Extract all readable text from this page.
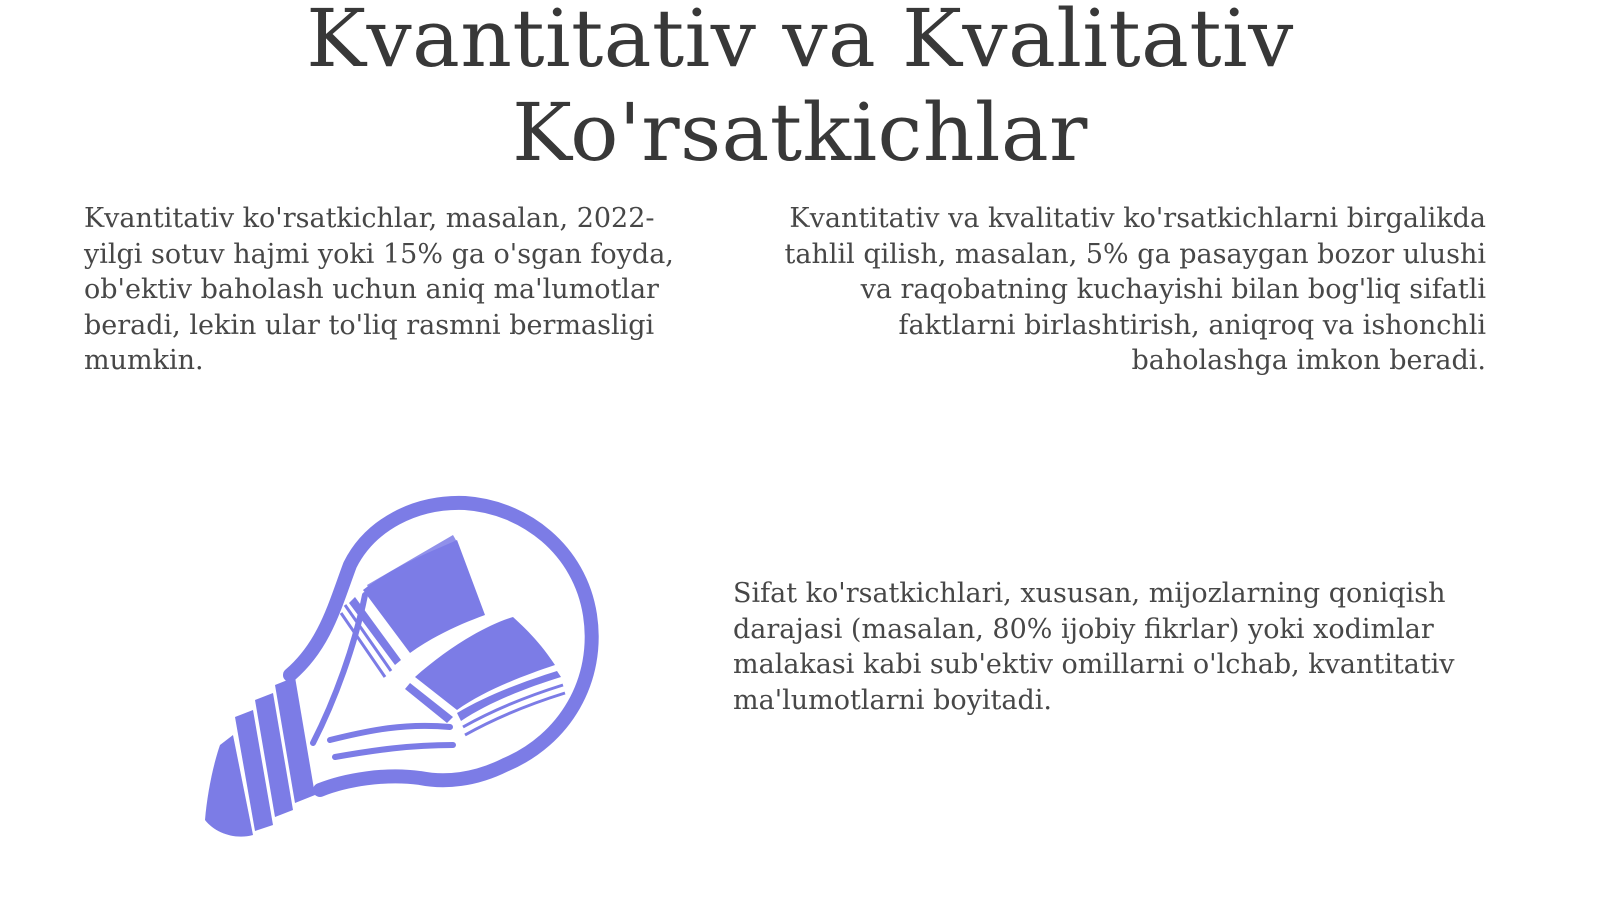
Kvantitativ va Kvalitativ
Ko'rsatkichlar

Kvantitativ ko'rsatkichlar, masalan, 2022-yilgi sotuv hajmi yoki 15% ga o'sgan foyda, ob'ektiv baholash uchun aniq ma'lumotlar beradi, lekin ular to'liq rasmni bermasligi mumkin.

Kvantitativ va kvalitativ ko'rsatkichlarni birgalikda tahlil qilish, masalan, 5% ga pasaygan bozor ulushi va raqobatning kuchayishi bilan bog'liq sifatli faktlarni birlashtirish, aniqroq va ishonchli baholashga imkon beradi.

Sifat ko'rsatkichlari, xususan, mijozlarning qoniqish darajasi (masalan, 80% ijobiy fikrlar) yoki xodimlar malakasi kabi sub'ektiv omillarni o'lchab, kvantitativ ma'lumotlarni boyitadi.
